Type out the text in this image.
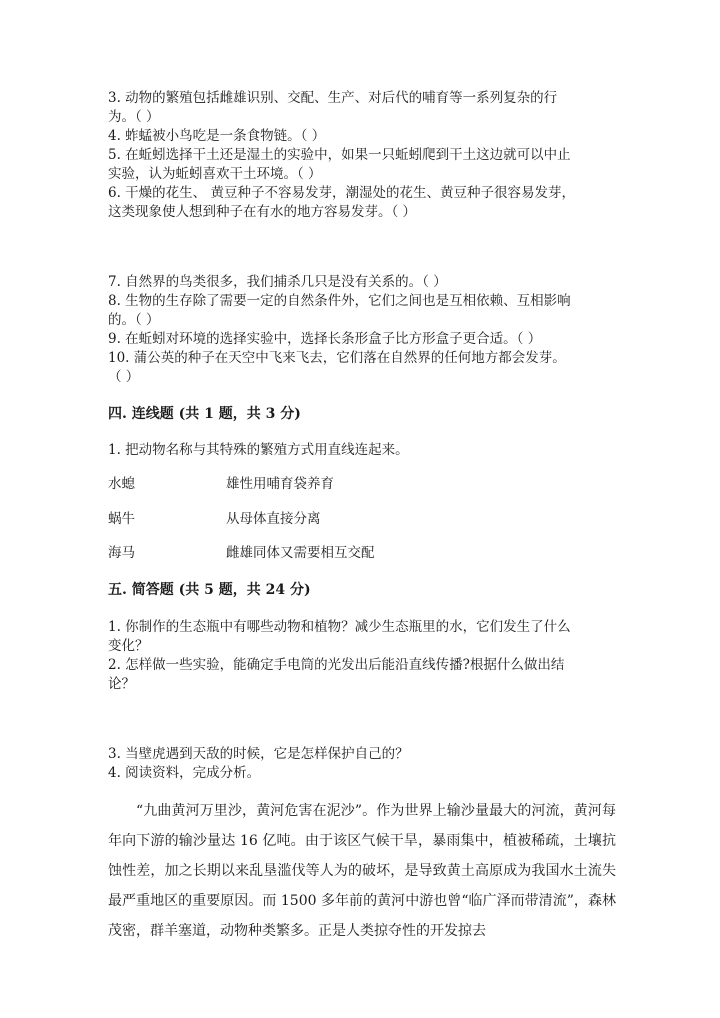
3. 动物的繁殖包括雌雄识别、交配、生产、对后代的哺育等一系列复杂的行
为。（ ）
4. 蚱蜢被小鸟吃是一条食物链。（ ）
5. 在蚯蚓选择干土还是湿土的实验中，如果一只蚯蚓爬到干土这边就可以中止
实验，认为蚯蚓喜欢干土环境。（ ）
6. 干燥的花生、 黄豆种子不容易发芽，潮湿处的花生、黄豆种子很容易发芽，
这类现象使人想到种子在有水的地方容易发芽。（ ）
7. 自然界的鸟类很多，我们捕杀几只是没有关系的。（ ）
8. 生物的生存除了需要一定的自然条件外，它们之间也是互相依赖、互相影响
的。（ ）
9. 在蚯蚓对环境的选择实验中，选择长条形盒子比方形盒子更合适。（ ）
10. 蒲公英的种子在天空中飞来飞去，它们落在自然界的任何地方都会发芽。
（ ）
四. 连线题 (共 1 题，共 3 分)
1. 把动物名称与其特殊的繁殖方式用直线连起来。
水螅	雄性用哺育袋养育
蜗牛	从母体直接分离
海马	雌雄同体又需要相互交配
五. 简答题 (共 5 题，共 24 分)
1. 你制作的生态瓶中有哪些动物和植物？减少生态瓶里的水，它们发生了什么
变化？
2. 怎样做一些实验，能确定手电筒的光发出后能沿直线传播?根据什么做出结
论？
3. 当壁虎遇到天敌的时候，它是怎样保护自己的？
4. 阅读资料，完成分析。
“九曲黄河万里沙，黄河危害在泥沙”。作为世界上输沙量最大的河流，黄河每年向下游的输沙量达 16 亿吨。由于该区气候干旱，暴雨集中，植被稀疏，土壤抗蚀性差，加之长期以来乱垦滥伐等人为的破坏，是导致黄土高原成为我国水土流失最严重地区的重要原因。而 1500 多年前的黄河中游也曾“临广泽而带清流”，森林茂密，群羊塞道，动物种类繁多。正是人类掠夺性的开发掠去
